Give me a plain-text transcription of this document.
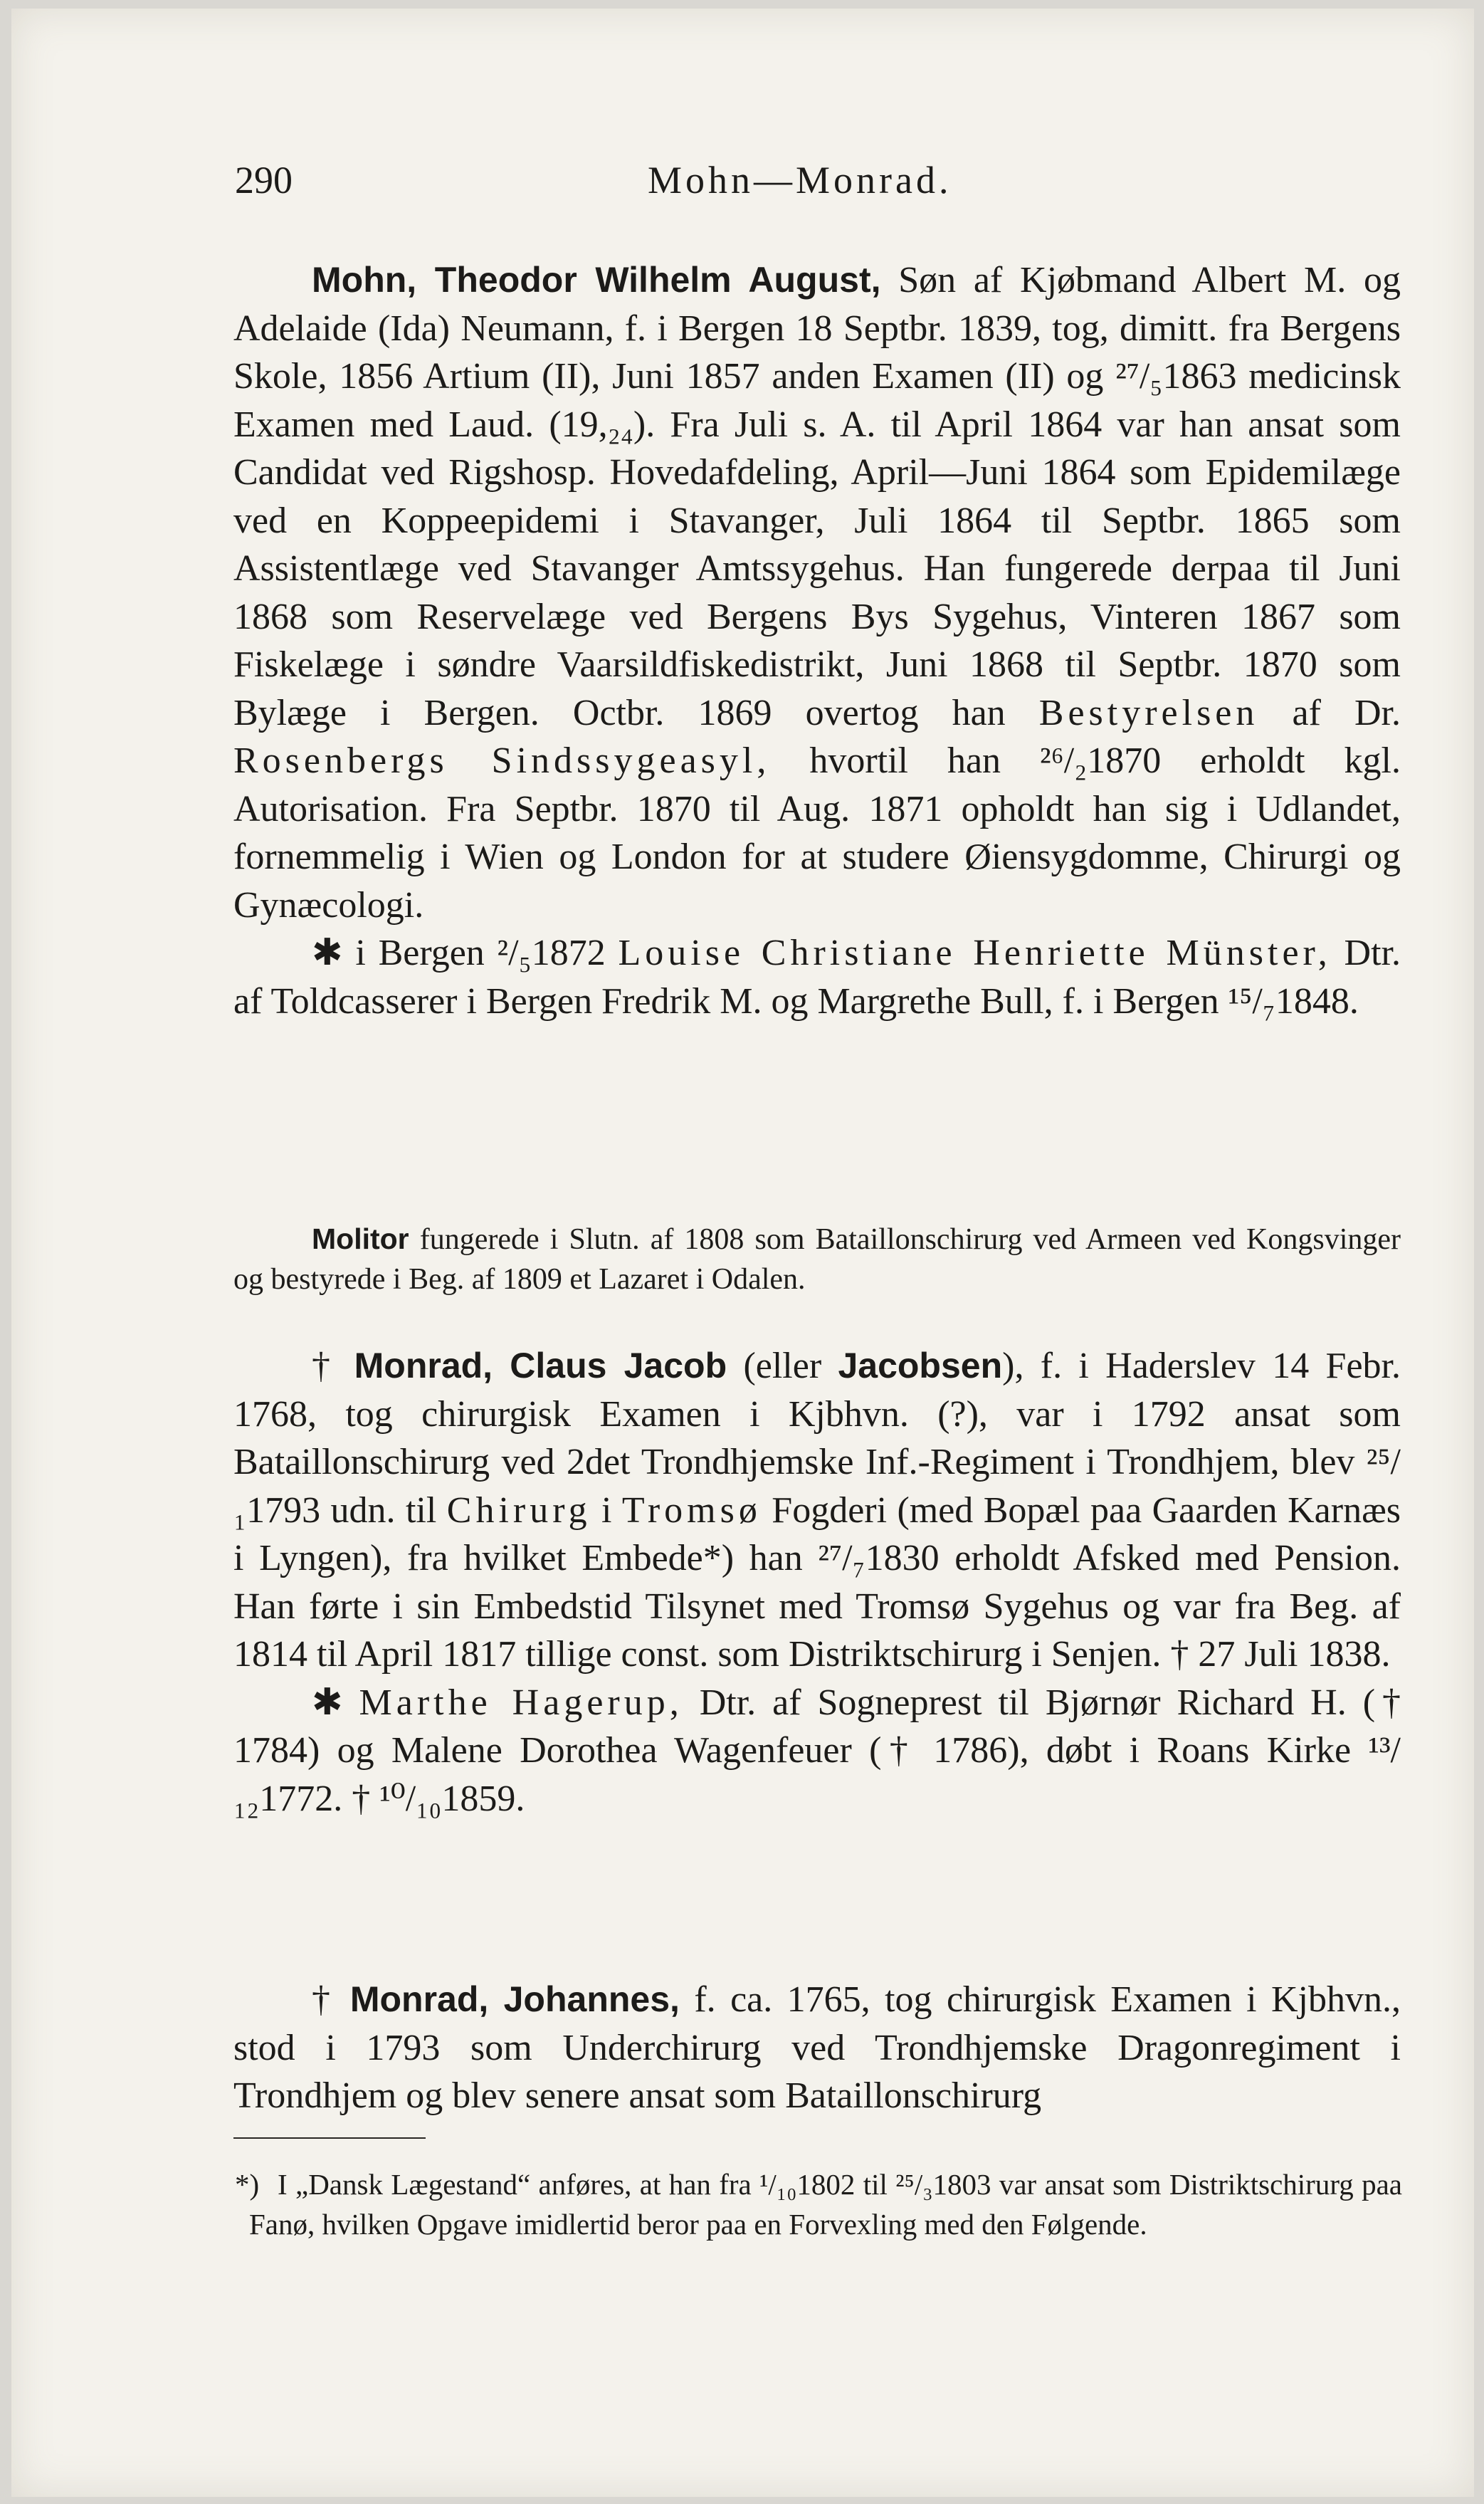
290	Mohn—Monrad.

Mohn, Theodor Wilhelm August, Søn af Kjøbmand Albert M. og Adelaide (Ida) Neumann, f. i Bergen 18 Septbr. 1839, tog, dimitt. fra Bergens Skole, 1856 Artium (II), Juni 1857 anden Examen (II) og ²⁷/₅1863 medicinsk Examen med Laud. (19,₂₄). Fra Juli s. A. til April 1864 var han ansat som Candidat ved Rigshosp. Hovedafdeling, April—Juni 1864 som Epidemilæge ved en Koppeepidemi i Stavanger, Juli 1864 til Septbr. 1865 som Assistentlæge ved Stavanger Amtssygehus. Han fungerede derpaa til Juni 1868 som Reservelæge ved Bergens Bys Sygehus, Vinteren 1867 som Fiskelæge i søndre Vaarsildfiskedistrikt, Juni 1868 til Septbr. 1870 som Bylæge i Bergen. Octbr. 1869 overtog han Bestyrelsen af Dr. Rosenbergs Sindssygeasyl, hvortil han ²⁶/₂1870 erholdt kgl. Autorisation. Fra Septbr. 1870 til Aug. 1871 opholdt han sig i Udlandet, fornemmelig i Wien og London for at studere Øiensygdomme, Chirurgi og Gynæcologi.

✱ i Bergen ²/₅1872 Louise Christiane Henriette Münster, Dtr. af Toldcasserer i Bergen Fredrik M. og Margrethe Bull, f. i Bergen ¹⁵/₇1848.

Molitor fungerede i Slutn. af 1808 som Bataillonschirurg ved Armeen ved Kongsvinger og bestyrede i Beg. af 1809 et Lazaret i Odalen.

† Monrad, Claus Jacob (eller Jacobsen), f. i Haderslev 14 Febr. 1768, tog chirurgisk Examen i Kjbhvn. (?), var i 1792 ansat som Bataillonschirurg ved 2det Trondhjemske Inf.-Regiment i Trondhjem, blev ²⁵/₁1793 udn. til Chirurg i Tromsø Fogderi (med Bopæl paa Gaarden Karnæs i Lyngen), fra hvilket Embede*) han ²⁷/₇1830 erholdt Afsked med Pension. Han førte i sin Embedstid Tilsynet med Tromsø Sygehus og var fra Beg. af 1814 til April 1817 tillige const. som Distriktschirurg i Senjen. † 27 Juli 1838.

✱ Marthe Hagerup, Dtr. af Sogneprest til Bjørnør Richard H. († 1784) og Malene Dorothea Wagenfeuer († 1786), døbt i Roans Kirke ¹³/₁₂1772. † ¹⁰/₁₀1859.

† Monrad, Johannes, f. ca. 1765, tog chirurgisk Examen i Kjbhvn., stod i 1793 som Underchirurg ved Trondhjemske Dragonregiment i Trondhjem og blev senere ansat som Bataillonschirurg

*) I „Dansk Lægestand“ anføres, at han fra ¹/₁₀1802 til ²⁵/₃1803 var ansat som Distriktschirurg paa Fanø, hvilken Opgave imidlertid beror paa en Forvexling med den Følgende.
